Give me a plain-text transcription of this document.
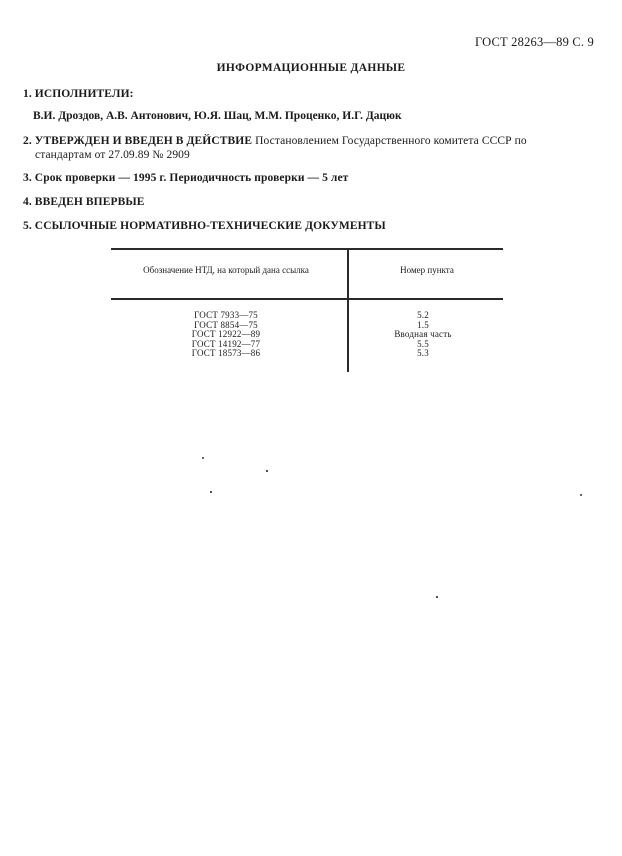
ГОСТ 28263—89 С. 9
ИНФОРМАЦИОННЫЕ ДАННЫЕ
1. ИСПОЛНИТЕЛИ:
В.И. Дроздов, А.В. Антонович, Ю.Я. Шац, М.М. Проценко, И.Г. Дацюк
2. УТВЕРЖДЕН И ВВЕДЕН В ДЕЙСТВИЕ Постановлением Государственного комитета СССР по
стандартам от 27.09.89 № 2909
3. Срок проверки — 1995 г. Периодичность проверки — 5 лет
4. ВВЕДЕН ВПЕРВЫЕ
5. ССЫЛОЧНЫЕ НОРМАТИВНО-ТЕХНИЧЕСКИЕ ДОКУМЕНТЫ
Обозначение НТД, на который дана ссылка	Номер пункта
ГОСТ 7933—75
ГОСТ 8854—75
ГОСТ 12922—89
ГОСТ 14192—77
ГОСТ 18573—86
5.2
1.5
Вводная часть
5.5
5.3
